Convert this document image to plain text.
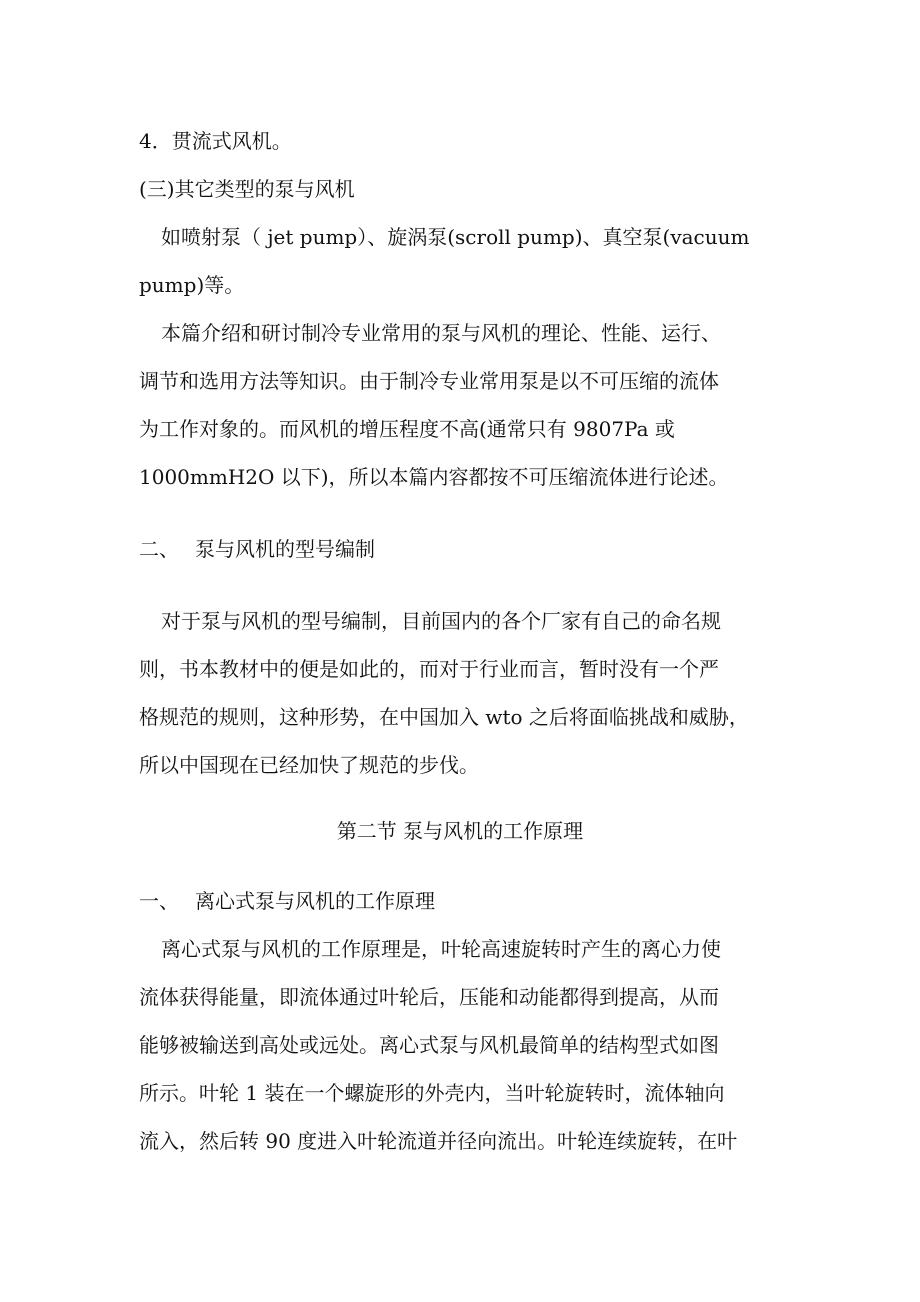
4．贯流式风机。
(三)其它类型的泵与风机
如喷射泵（ jet pump）、旋涡泵(scroll pump)、真空泵(vacuum
pump)等。
本篇介绍和研讨制冷专业常用的泵与风机的理论、性能、运行、
调节和选用方法等知识。由于制冷专业常用泵是以不可压缩的流体
为工作对象的。而风机的增压程度不高(通常只有 9807Pa 或
1000mmH2O 以下)，所以本篇内容都按不可压缩流体进行论述。
二、 泵与风机的型号编制
对于泵与风机的型号编制，目前国内的各个厂家有自己的命名规
则，书本教材中的便是如此的，而对于行业而言，暂时没有一个严
格规范的规则，这种形势，在中国加入 wto 之后将面临挑战和威胁，
所以中国现在已经加快了规范的步伐。
第二节 泵与风机的工作原理
一、 离心式泵与风机的工作原理
离心式泵与风机的工作原理是，叶轮高速旋转时产生的离心力使
流体获得能量，即流体通过叶轮后，压能和动能都得到提高，从而
能够被输送到高处或远处。离心式泵与风机最简单的结构型式如图
所示。叶轮 1 装在一个螺旋形的外壳内，当叶轮旋转时，流体轴向
流入，然后转 90 度进入叶轮流道并径向流出。叶轮连续旋转，在叶
